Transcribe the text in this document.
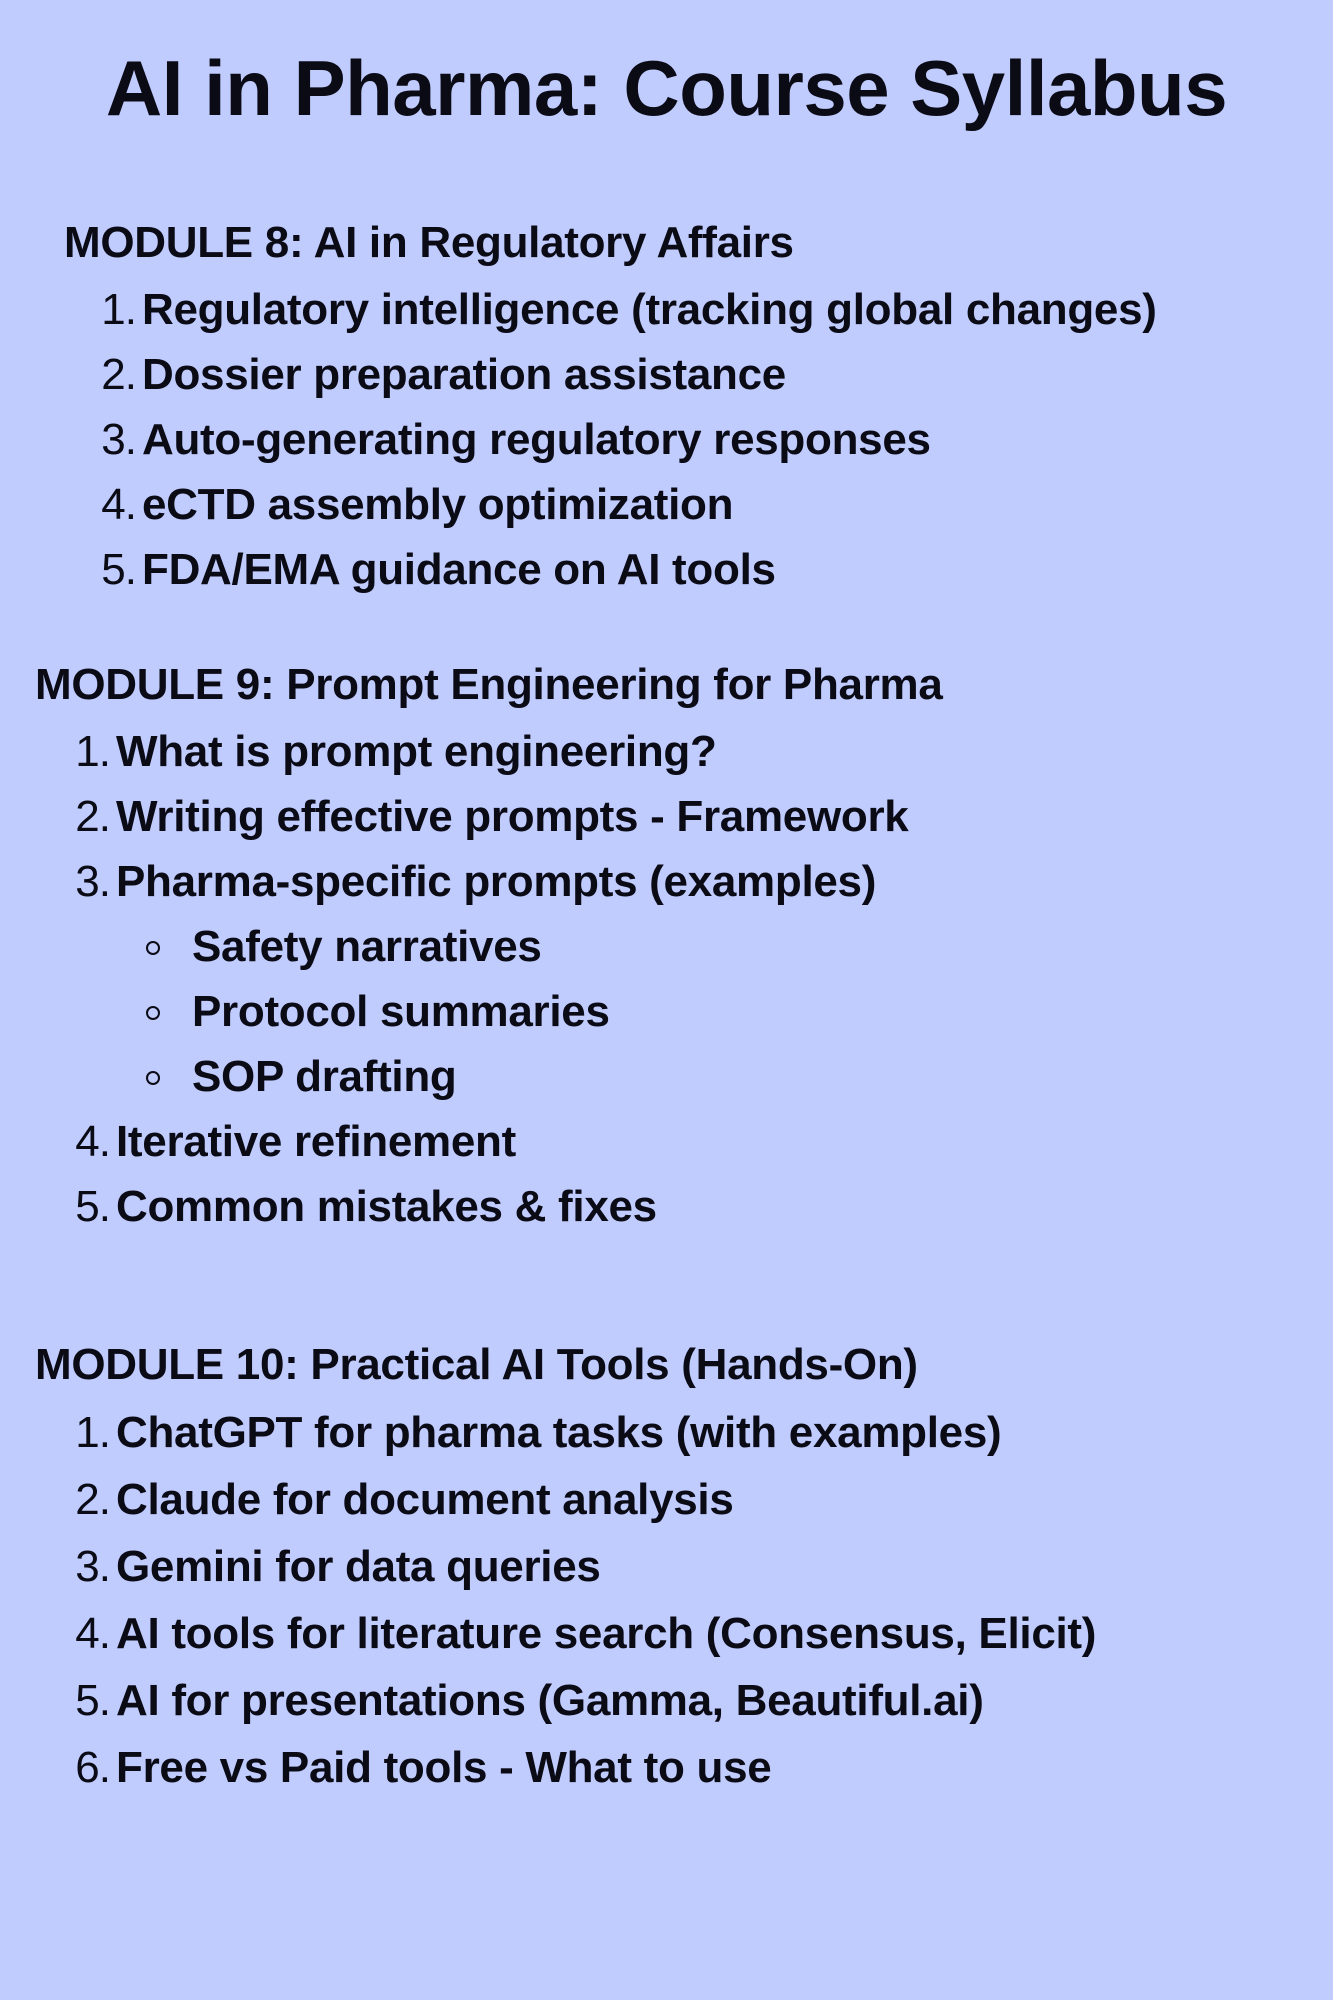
AI in Pharma: Course Syllabus
MODULE 8: AI in Regulatory Affairs
1. Regulatory intelligence (tracking global changes)
2. Dossier preparation assistance
3. Auto-generating regulatory responses
4. eCTD assembly optimization
5. FDA/EMA guidance on AI tools
MODULE 9: Prompt Engineering for Pharma
1. What is prompt engineering?
2. Writing effective prompts - Framework
3. Pharma-specific prompts (examples)
Safety narratives
Protocol summaries
SOP drafting
4. Iterative refinement
5. Common mistakes & fixes
MODULE 10: Practical AI Tools (Hands-On)
1. ChatGPT for pharma tasks (with examples)
2. Claude for document analysis
3. Gemini for data queries
4. AI tools for literature search (Consensus, Elicit)
5. AI for presentations (Gamma, Beautiful.ai)
6. Free vs Paid tools - What to use
